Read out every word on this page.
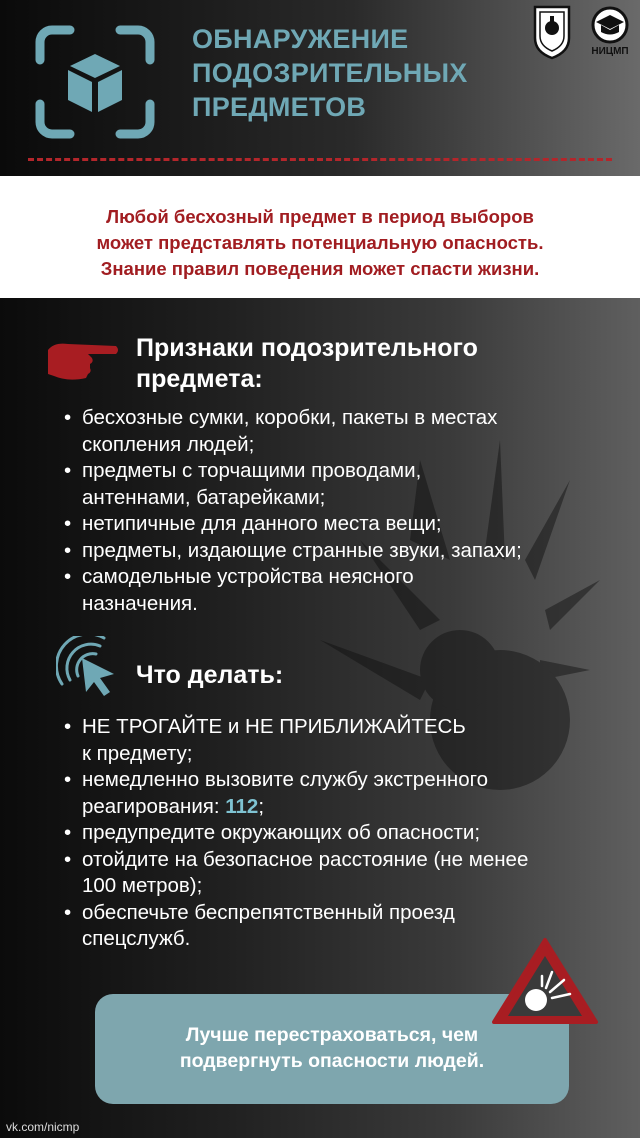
ОБНАРУЖЕНИЕ
ПОДОЗРИТЕЛЬНЫХ
ПРЕДМЕТОВ
НИЦМП
Любой бесхозный предмет в период выборов
может представлять потенциальную опасность.
Знание правил поведения может спасти жизни.
Признаки подозрительного
предмета:
• бесхозные сумки, коробки, пакеты в местах
скопления людей;
• предметы с торчащими проводами,
антеннами, батарейками;
• нетипичные для данного места вещи;
• предметы, издающие странные звуки, запахи;
• самодельные устройства неясного
назначения.
Что делать:
• НЕ ТРОГАЙТЕ и НЕ ПРИБЛИЖАЙТЕСЬ
к предмету;
• немедленно вызовите службу экстренного
реагирования: 112;
• предупредите окружающих об опасности;
• отойдите на безопасное расстояние (не менее
100 метров);
• обеспечьте беспрепятственный проезд
спецслужб.
Лучше перестраховаться, чем
подвергнуть опасности людей.
vk.com/nicmp
